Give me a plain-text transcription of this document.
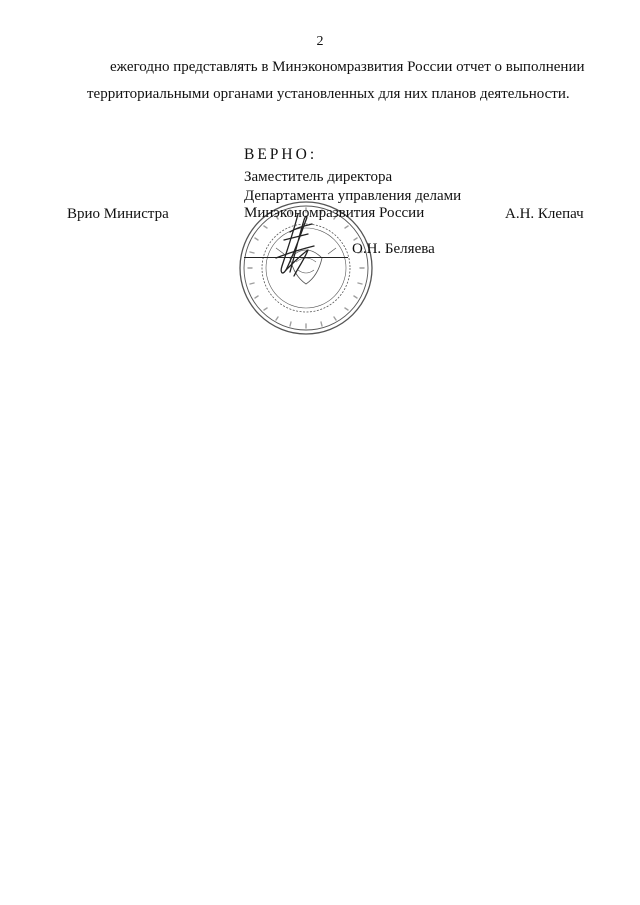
2
ежегодно представлять в Минэкономразвития России отчет о выполнении
территориальными органами установленных для них планов деятельности.
ВЕРНО:
Заместитель директора
Департамента управления делами
Минэкономразвития России
Врио Министра	А.Н. Клепач
О.Н. Беляева
